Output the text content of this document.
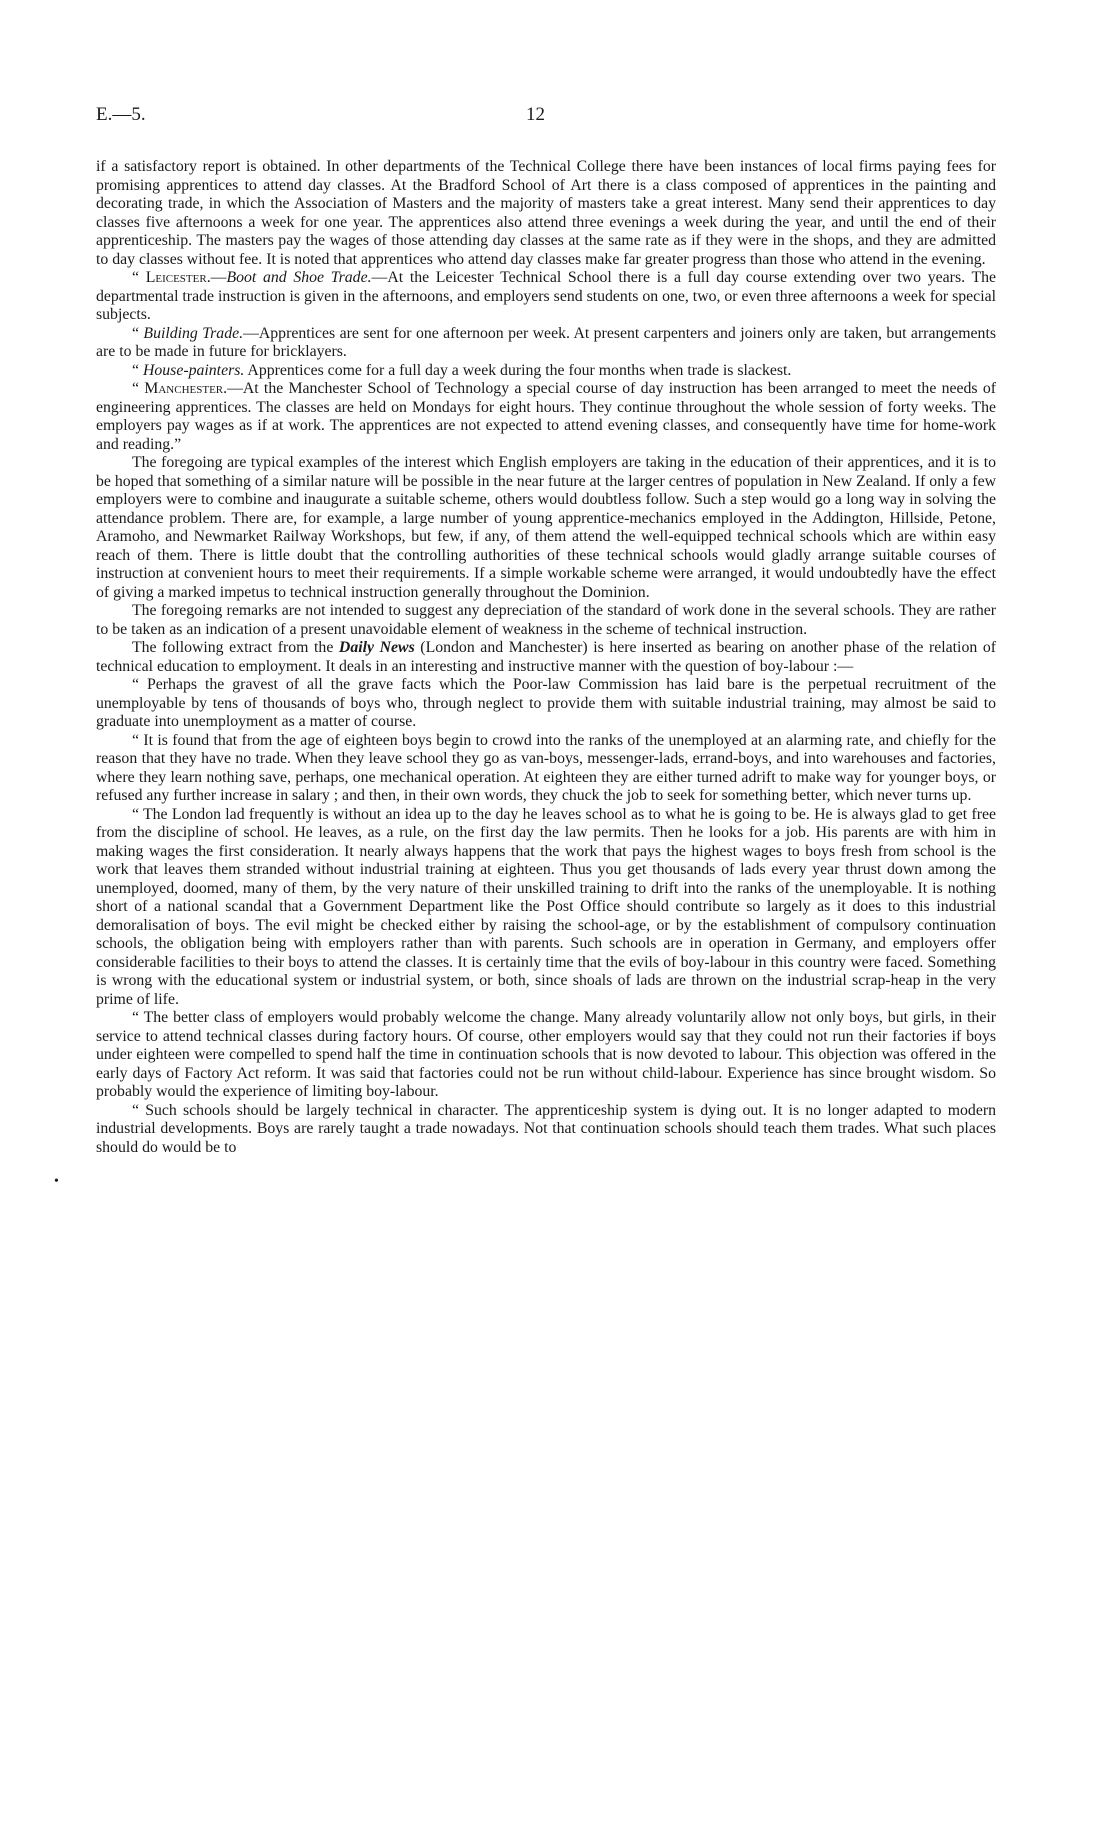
E.—5.	12
•

if a satisfactory report is obtained. In other departments of the Technical College there have been instances of local firms paying fees for promising apprentices to attend day classes. At the Bradford School of Art there is a class composed of apprentices in the painting and decorating trade, in which the Association of Masters and the majority of masters take a great interest. Many send their apprentices to day classes five afternoons a week for one year. The apprentices also attend three evenings a week during the year, and until the end of their apprenticeship. The masters pay the wages of those attending day classes at the same rate as if they were in the shops, and they are admitted to day classes without fee. It is noted that apprentices who attend day classes make far greater progress than those who attend in the evening.

“ Leicester.—Boot and Shoe Trade.—At the Leicester Technical School there is a full day course extending over two years. The departmental trade instruction is given in the afternoons, and employers send students on one, two, or even three afternoons a week for special subjects.

“ Building Trade.—Apprentices are sent for one afternoon per week. At present carpenters and joiners only are taken, but arrangements are to be made in future for bricklayers.

“ House-painters. Apprentices come for a full day a week during the four months when trade is slackest.

“ Manchester.—At the Manchester School of Technology a special course of day instruction has been arranged to meet the needs of engineering apprentices. The classes are held on Mondays for eight hours. They continue throughout the whole session of forty weeks. The employers pay wages as if at work. The apprentices are not expected to attend evening classes, and consequently have time for home-work and reading.”

The foregoing are typical examples of the interest which English employers are taking in the education of their apprentices, and it is to be hoped that something of a similar nature will be possible in the near future at the larger centres of population in New Zealand. If only a few employers were to combine and inaugurate a suitable scheme, others would doubtless follow. Such a step would go a long way in solving the attendance problem. There are, for example, a large number of young apprentice-mechanics employed in the Addington, Hillside, Petone, Aramoho, and Newmarket Railway Workshops, but few, if any, of them attend the well-equipped technical schools which are within easy reach of them. There is little doubt that the controlling authorities of these technical schools would gladly arrange suitable courses of instruction at convenient hours to meet their requirements. If a simple workable scheme were arranged, it would undoubtedly have the effect of giving a marked impetus to technical instruction generally throughout the Dominion.

The foregoing remarks are not intended to suggest any depreciation of the standard of work done in the several schools. They are rather to be taken as an indication of a present unavoidable element of weakness in the scheme of technical instruction.

The following extract from the Daily News (London and Manchester) is here inserted as bearing on another phase of the relation of technical education to employment. It deals in an interesting and instructive manner with the question of boy-labour :—

“ Perhaps the gravest of all the grave facts which the Poor-law Commission has laid bare is the perpetual recruitment of the unemployable by tens of thousands of boys who, through neglect to provide them with suitable industrial training, may almost be said to graduate into unemployment as a matter of course.

“ It is found that from the age of eighteen boys begin to crowd into the ranks of the unemployed at an alarming rate, and chiefly for the reason that they have no trade. When they leave school they go as van-boys, messenger-lads, errand-boys, and into warehouses and factories, where they learn nothing save, perhaps, one mechanical operation. At eighteen they are either turned adrift to make way for younger boys, or refused any further increase in salary ; and then, in their own words, they chuck the job to seek for something better, which never turns up.

“ The London lad frequently is without an idea up to the day he leaves school as to what he is going to be. He is always glad to get free from the discipline of school. He leaves, as a rule, on the first day the law permits. Then he looks for a job. His parents are with him in making wages the first consideration. It nearly always happens that the work that pays the highest wages to boys fresh from school is the work that leaves them stranded without industrial training at eighteen. Thus you get thousands of lads every year thrust down among the unemployed, doomed, many of them, by the very nature of their unskilled training to drift into the ranks of the unemployable. It is nothing short of a national scandal that a Government Department like the Post Office should contribute so largely as it does to this industrial demoralisation of boys. The evil might be checked either by raising the school-age, or by the establishment of compulsory continuation schools, the obligation being with employers rather than with parents. Such schools are in operation in Germany, and employers offer considerable facilities to their boys to attend the classes. It is certainly time that the evils of boy-labour in this country were faced. Something is wrong with the educational system or industrial system, or both, since shoals of lads are thrown on the industrial scrap-heap in the very prime of life.

“ The better class of employers would probably welcome the change. Many already voluntarily allow not only boys, but girls, in their service to attend technical classes during factory hours. Of course, other employers would say that they could not run their factories if boys under eighteen were compelled to spend half the time in continuation schools that is now devoted to labour. This objection was offered in the early days of Factory Act reform. It was said that factories could not be run without child-labour. Experience has since brought wisdom. So probably would the experience of limiting boy-labour.

“ Such schools should be largely technical in character. The apprenticeship system is dying out. It is no longer adapted to modern industrial developments. Boys are rarely taught a trade nowadays. Not that continuation schools should teach them trades. What such places should do would be to
